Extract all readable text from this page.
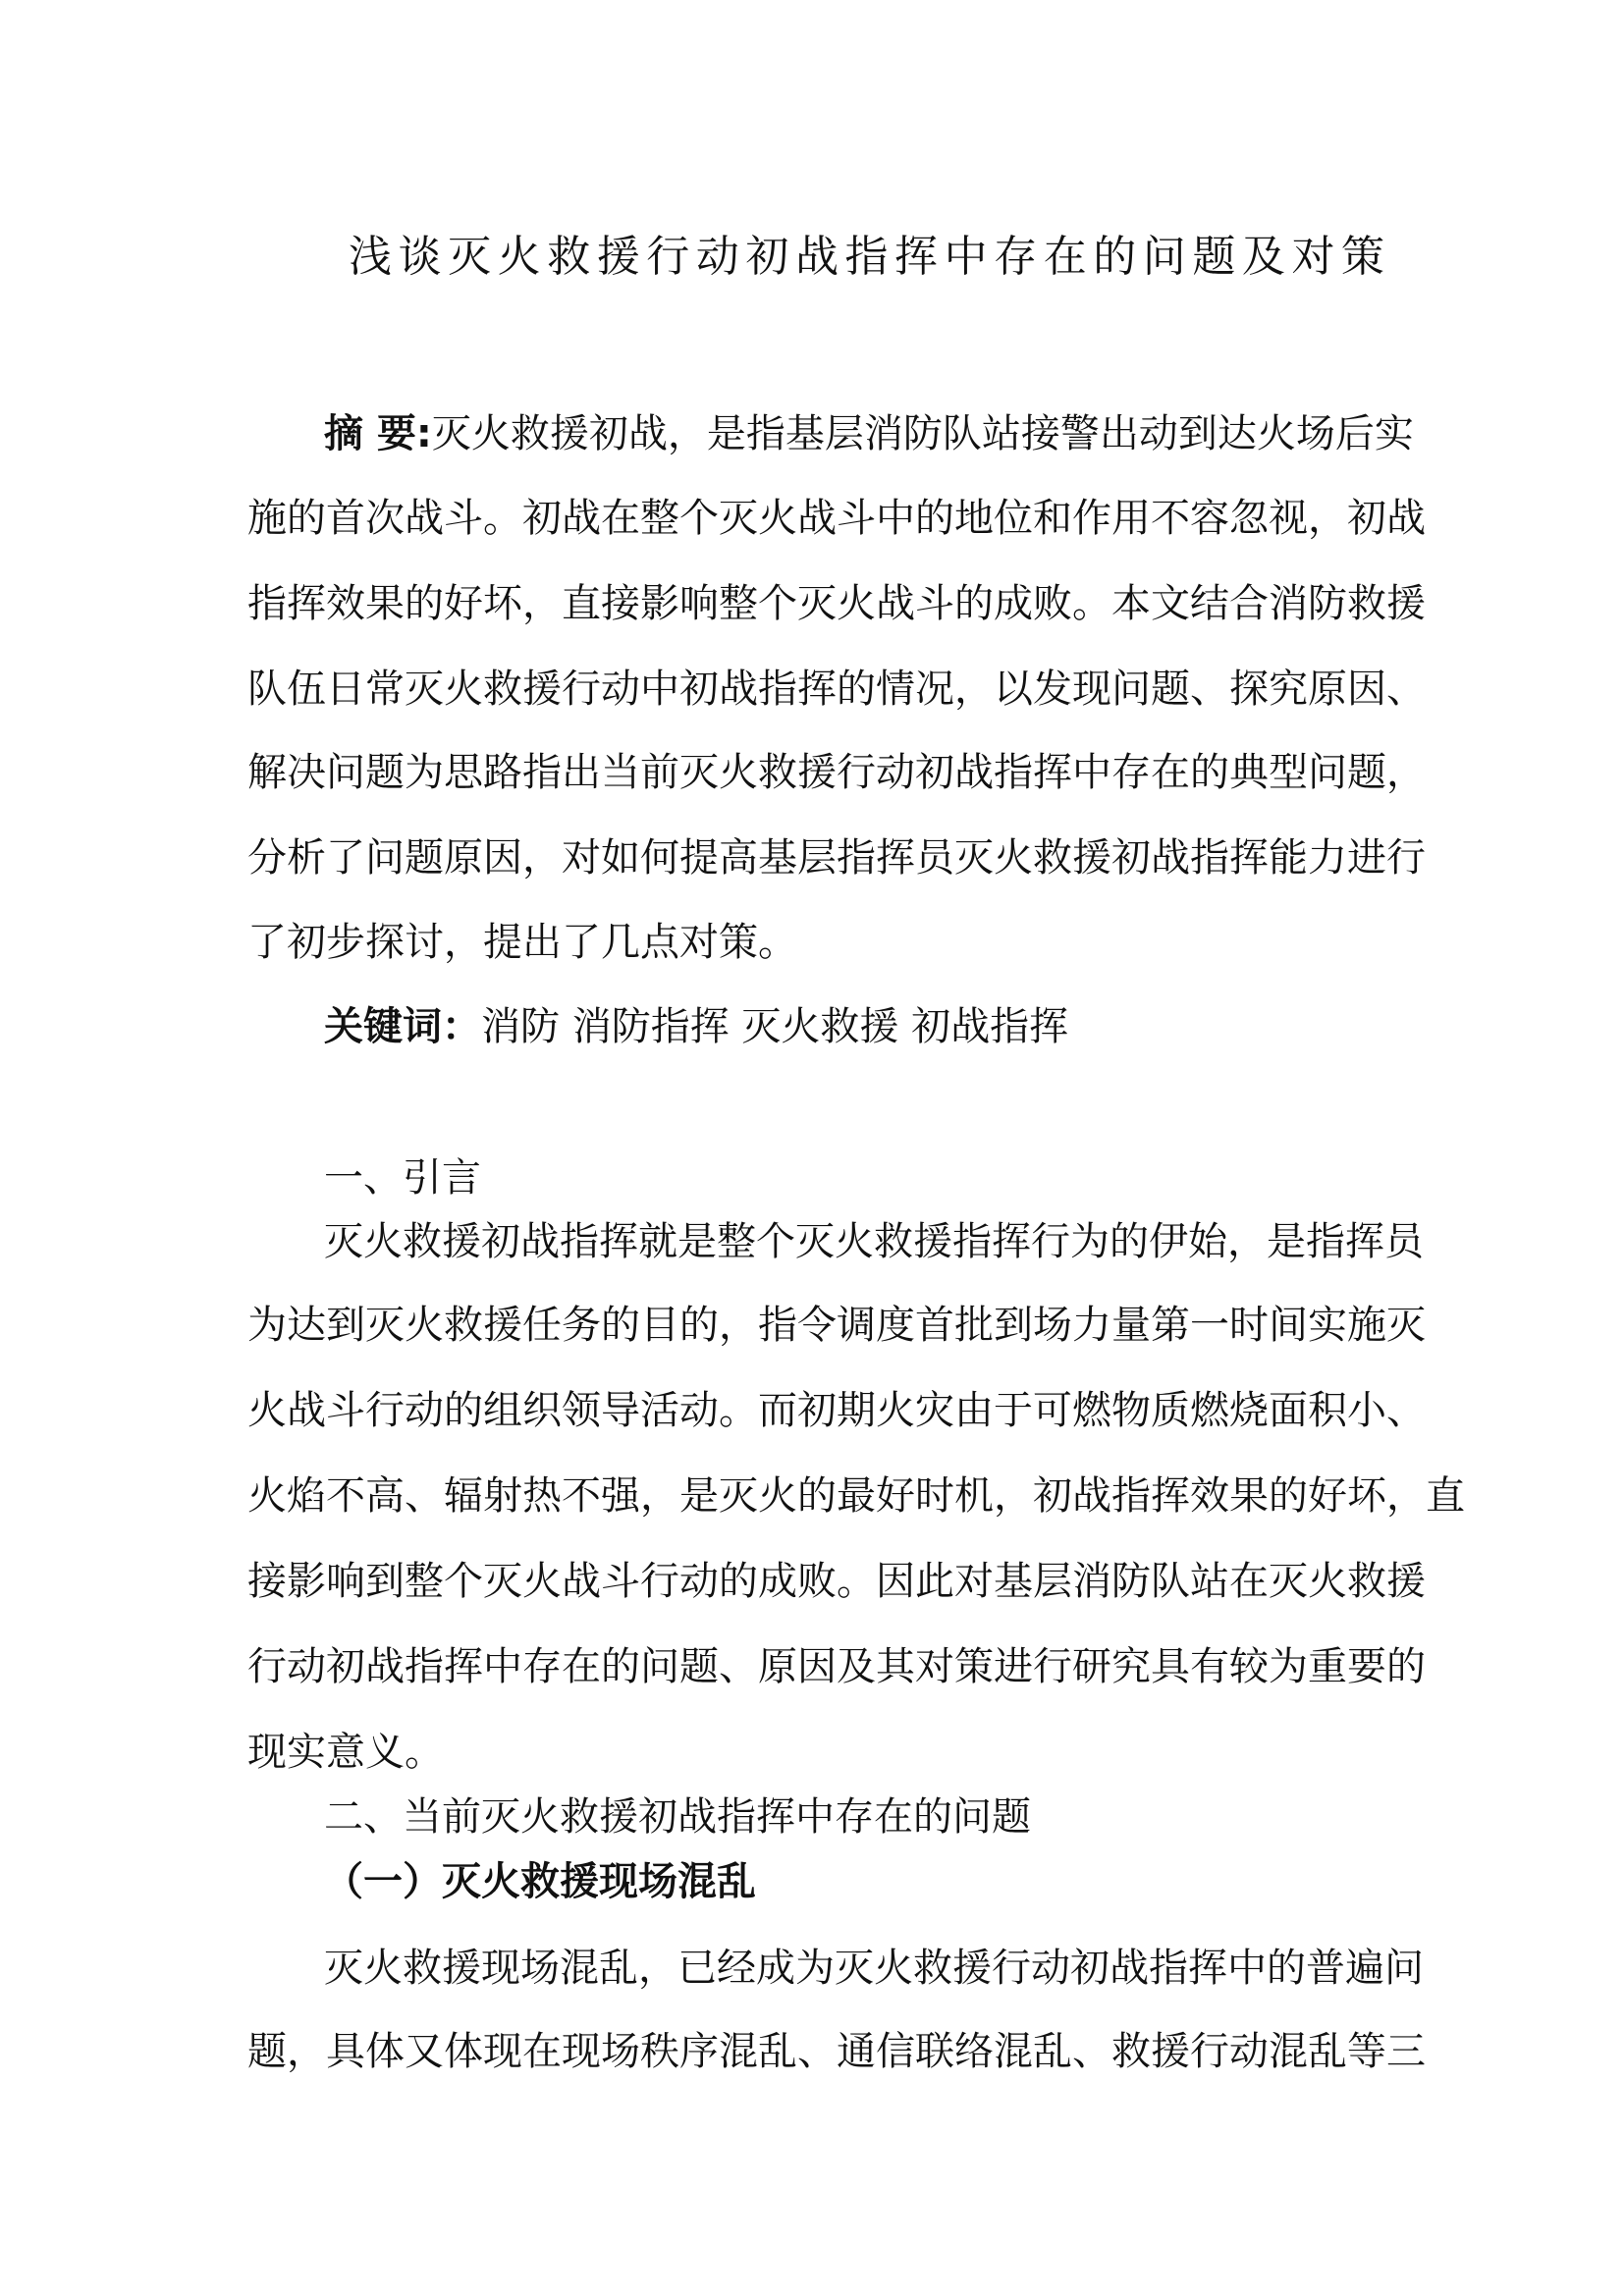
浅谈灭火救援行动初战指挥中存在的问题及对策
摘 要:灭火救援初战，是指基层消防队站接警出动到达火场后实
施的首次战斗。初战在整个灭火战斗中的地位和作用不容忽视，初战
指挥效果的好坏，直接影响整个灭火战斗的成败。本文结合消防救援
队伍日常灭火救援行动中初战指挥的情况，以发现问题、探究原因、
解决问题为思路指出当前灭火救援行动初战指挥中存在的典型问题，
分析了问题原因，对如何提高基层指挥员灭火救援初战指挥能力进行
了初步探讨，提出了几点对策。
关键词：消防 消防指挥 灭火救援 初战指挥
一、引言
灭火救援初战指挥就是整个灭火救援指挥行为的伊始，是指挥员
为达到灭火救援任务的目的，指令调度首批到场力量第一时间实施灭
火战斗行动的组织领导活动。而初期火灾由于可燃物质燃烧面积小、
火焰不高、辐射热不强，是灭火的最好时机，初战指挥效果的好坏，直
接影响到整个灭火战斗行动的成败。因此对基层消防队站在灭火救援
行动初战指挥中存在的问题、原因及其对策进行研究具有较为重要的
现实意义。
二、当前灭火救援初战指挥中存在的问题
（一）灭火救援现场混乱
灭火救援现场混乱，已经成为灭火救援行动初战指挥中的普遍问
题，具体又体现在现场秩序混乱、通信联络混乱、救援行动混乱等三
